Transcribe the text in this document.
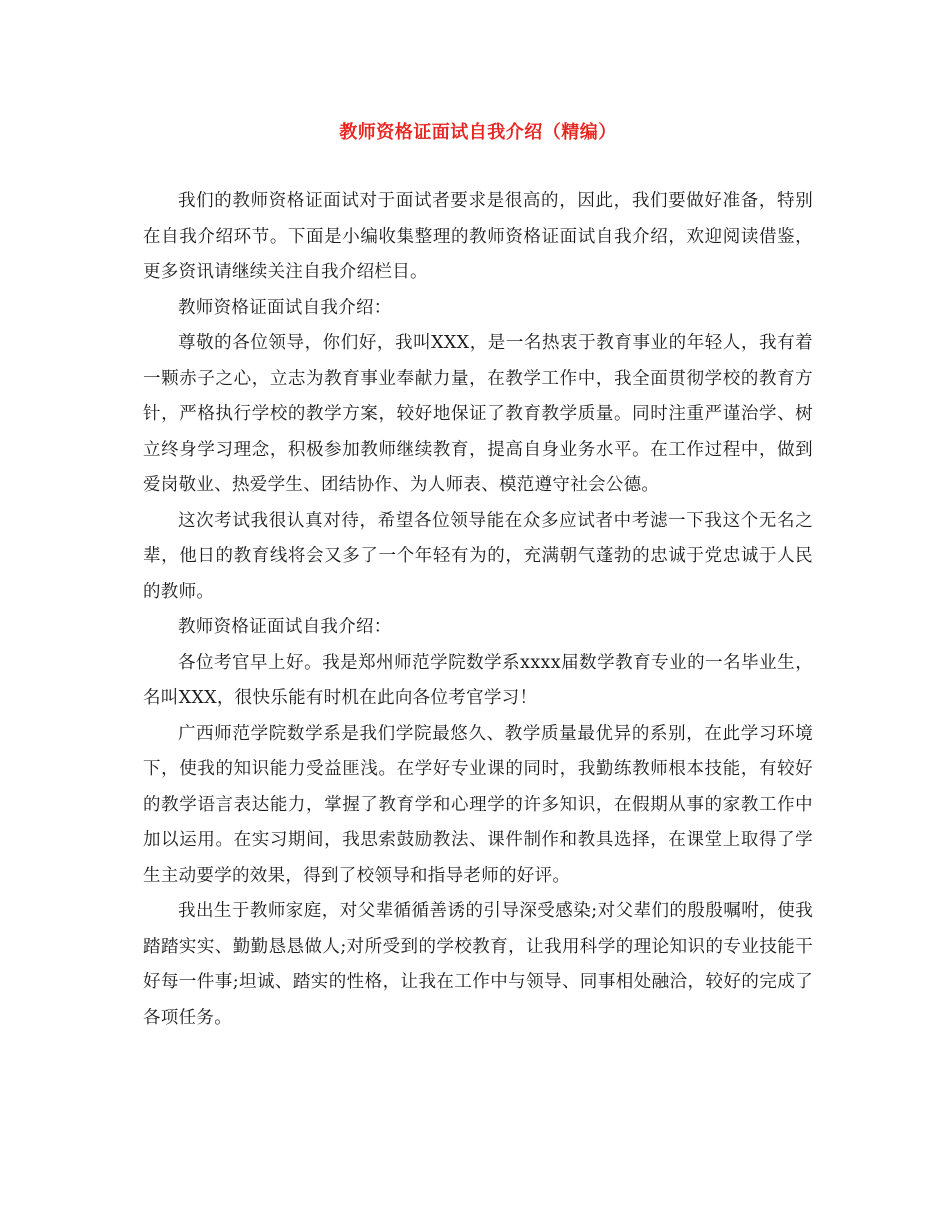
教师资格证面试自我介绍（精编）

我们的教师资格证面试对于面试者要求是很高的，因此，我们要做好准备，特别在自我介绍环节。下面是小编收集整理的教师资格证面试自我介绍，欢迎阅读借鉴，更多资讯请继续关注自我介绍栏目。

教师资格证面试自我介绍：

尊敬的各位领导，你们好，我叫XXX，是一名热衷于教育事业的年轻人，我有着一颗赤子之心，立志为教育事业奉献力量，在教学工作中，我全面贯彻学校的教育方针，严格执行学校的教学方案，较好地保证了教育教学质量。同时注重严谨治学、树立终身学习理念，积极参加教师继续教育，提高自身业务水平。在工作过程中，做到爱岗敬业、热爱学生、团结协作、为人师表、模范遵守社会公德。

这次考试我很认真对待，希望各位领导能在众多应试者中考滤一下我这个无名之辈，他日的教育线将会又多了一个年轻有为的，充满朝气蓬勃的忠诚于党忠诚于人民的教师。

教师资格证面试自我介绍：

各位考官早上好。我是郑州师范学院数学系xxxx届数学教育专业的一名毕业生，名叫XXX，很快乐能有时机在此向各位考官学习！

广西师范学院数学系是我们学院最悠久、教学质量最优异的系别，在此学习环境下，使我的知识能力受益匪浅。在学好专业课的同时，我勤练教师根本技能，有较好的教学语言表达能力，掌握了教育学和心理学的许多知识，在假期从事的家教工作中加以运用。在实习期间，我思索鼓励教法、课件制作和教具选择，在课堂上取得了学生主动要学的效果，得到了校领导和指导老师的好评。

我出生于教师家庭，对父辈循循善诱的引导深受感染;对父辈们的殷殷嘱咐，使我踏踏实实、勤勤恳恳做人;对所受到的学校教育，让我用科学的理论知识的专业技能干好每一件事;坦诚、踏实的性格，让我在工作中与领导、同事相处融洽，较好的完成了各项任务。
